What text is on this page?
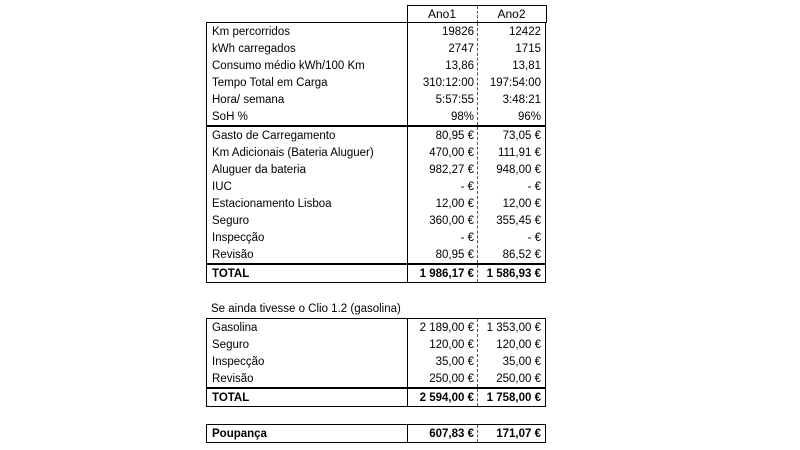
Ano1	Ano2
Km percorridos	19826	12422
kWh carregados	2747	1715
Consumo médio kWh/100 Km	13,86	13,81
Tempo Total em Carga	310:12:00 197:54:00
Hora/ semana	5:57:55 3:48:21
SoH %	98%	96%
Gasto de Carregamento	80,95 € 73,05 €
Km Adicionais (Bateria Aluguer)	470,00 € 111,91 €
Aluguer da bateria	982,27 € 948,00 €
IUC	- €	- €
Estacionamento Lisboa	12,00 € 12,00 €
Seguro	360,00 € 355,45 €
Inspecção	- €	- €
Revisão	80,95 € 86,52 €
TOTAL	1 986,17 € 1 586,93 €
Se ainda tivesse o Clio 1.2 (gasolina)
Gasolina	2 189,00 € 1 353,00 €
Seguro	120,00 € 120,00 €
Inspecção	35,00 € 35,00 €
Revisão	250,00 € 250,00 €
TOTAL	2 594,00 € 1 758,00 €
Poupança	607,83 € 171,07 €
